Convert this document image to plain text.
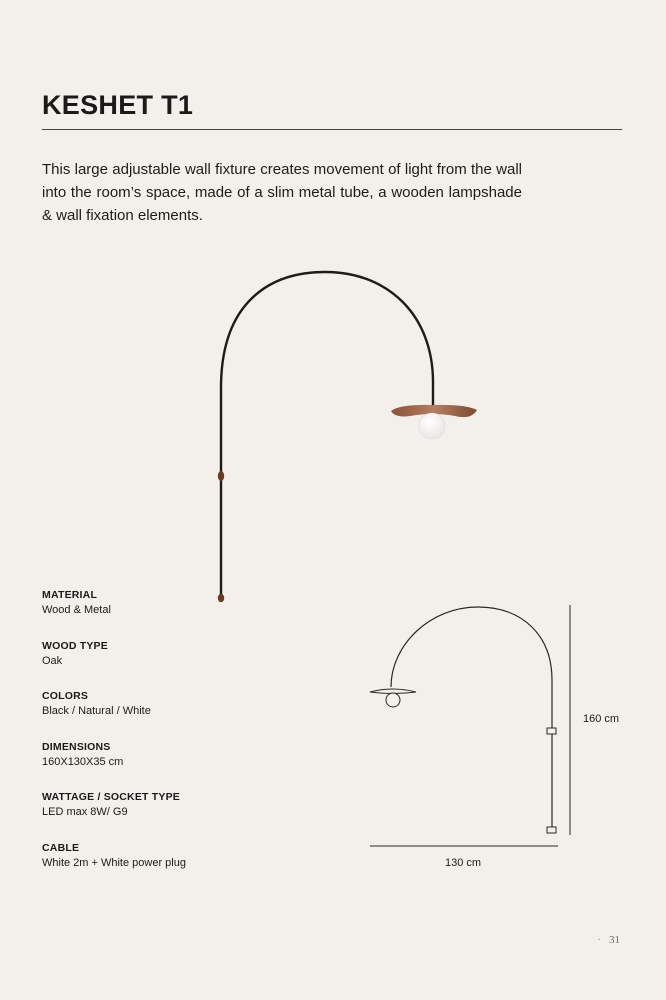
KESHET T1

This large adjustable wall fixture creates movement of light from the wall into the room’s space, made of a slim metal tube, a wooden lampshade & wall fixation elements.

MATERIAL
Wood & Metal
WOOD TYPE
Oak
COLORS
Black / Natural / White
DIMENSIONS
160X130X35 cm
WATTAGE / SOCKET TYPE
LED max 8W/ G9
CABLE
White 2m + White power plug
160 cm
130 cm
· 31
